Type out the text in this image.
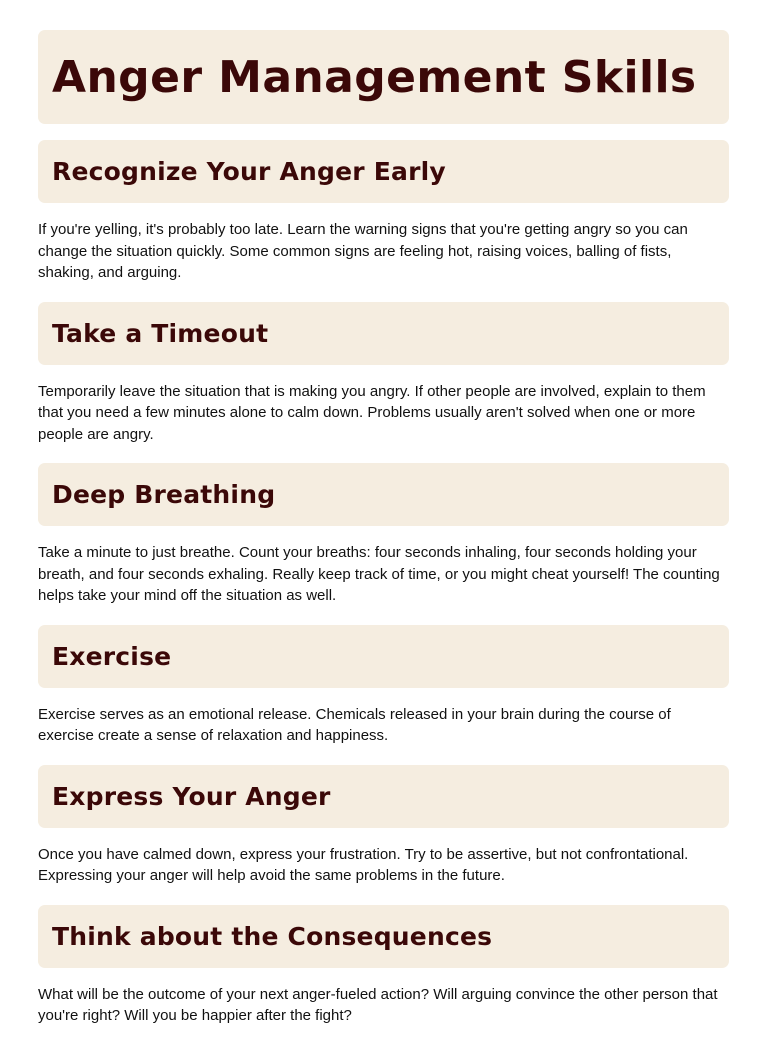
Anger Management Skills
Recognize Your Anger Early

If you're yelling, it's probably too late. Learn the warning signs that you're getting angry so you can change the situation quickly. Some common signs are feeling hot, raising voices, balling of fists, shaking, and arguing.

Take a Timeout

Temporarily leave the situation that is making you angry. If other people are involved, explain to them that you need a few minutes alone to calm down. Problems usually aren't solved when one or more people are angry.

Deep Breathing

Take a minute to just breathe. Count your breaths: four seconds inhaling, four seconds holding your breath, and four seconds exhaling. Really keep track of time, or you might cheat yourself! The counting helps take your mind off the situation as well.

Exercise

Exercise serves as an emotional release. Chemicals released in your brain during the course of exercise create a sense of relaxation and happiness.

Express Your Anger

Once you have calmed down, express your frustration. Try to be assertive, but not confrontational. Expressing your anger will help avoid the same problems in the future.

Think about the Consequences

What will be the outcome of your next anger-fueled action? Will arguing convince the other person that you're right? Will you be happier after the fight?
